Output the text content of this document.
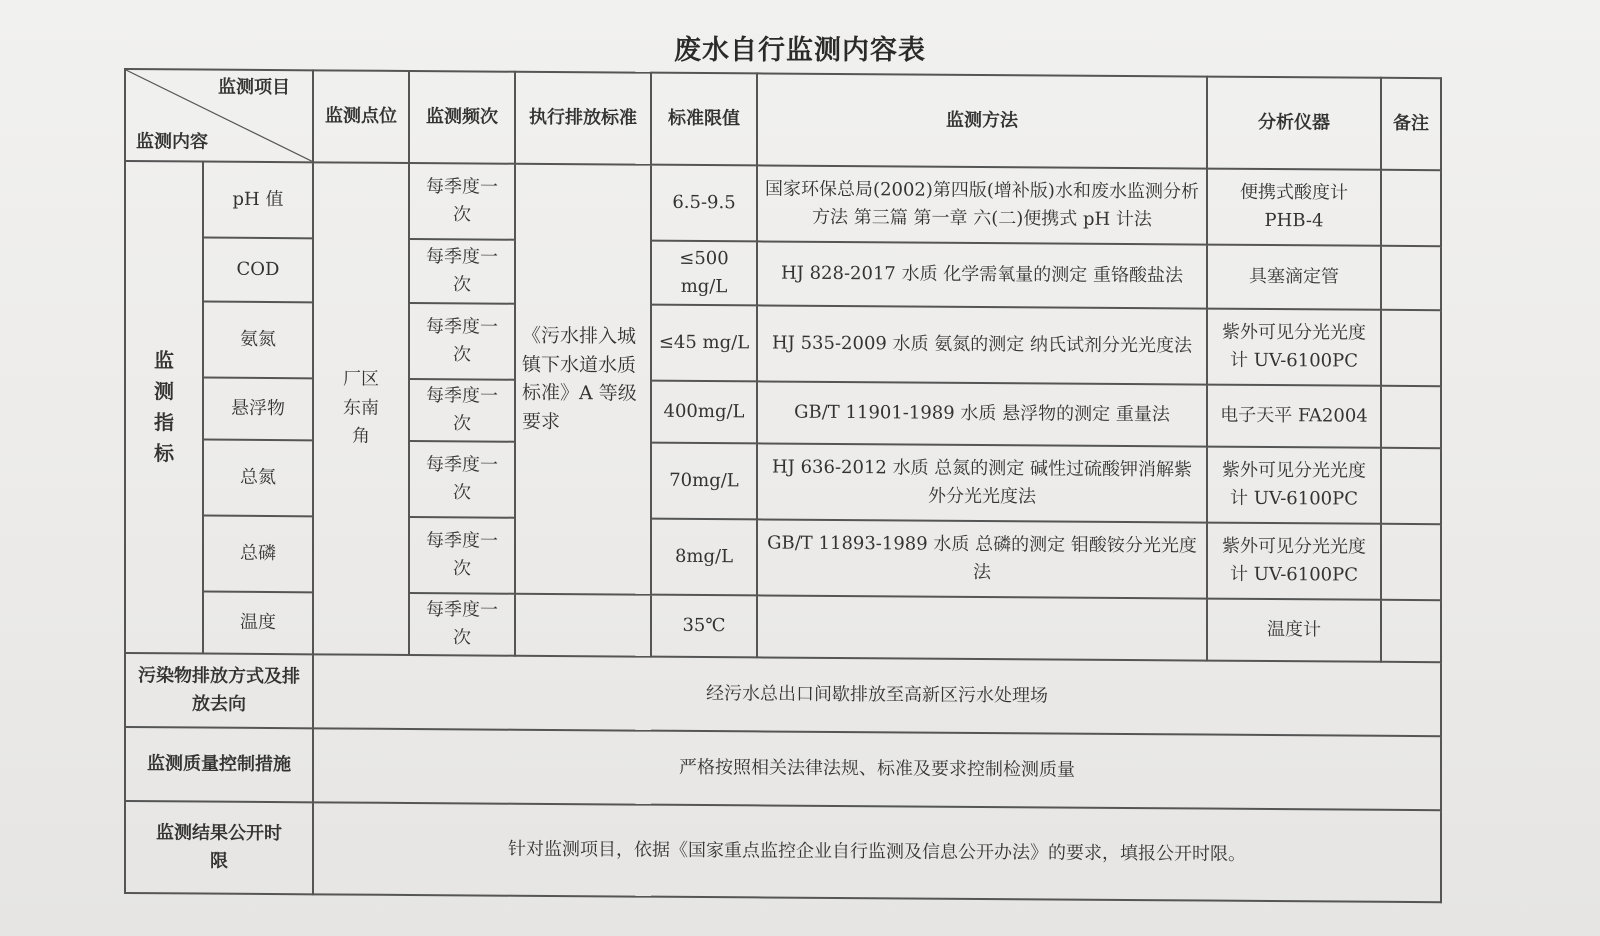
废水自行监测内容表
监测项目
监测内容		监测点位	监测频次	执行排放标准	标准限值	监测方法	分析仪器	备注

监测指标	pH 值	厂区东南角	每季度一次	《污水排入城镇下水道水质标准》A 等级要求	6.5-9.5	国家环保总局(2002)第四版(增补版)水和废水监测分析方法 第三篇 第一章 六(二)便携式 pH 计法	便携式酸度计 PHB-4	
	COD		每季度一次		≤500 mg/L	HJ 828-2017 水质 化学需氧量的测定 重铬酸盐法	具塞滴定管	
	氨氮		每季度一次		≤45 mg/L	HJ 535-2009 水质 氨氮的测定 纳氏试剂分光光度法	紫外可见分光光度计 UV-6100PC	
	悬浮物		每季度一次		400mg/L	GB/T 11901-1989 水质 悬浮物的测定 重量法	电子天平 FA2004	
	总氮		每季度一次		70mg/L	HJ 636-2012 水质 总氮的测定 碱性过硫酸钾消解紫外分光光度法	紫外可见分光光度计 UV-6100PC	
	总磷		每季度一次		8mg/L	GB/T 11893-1989 水质 总磷的测定 钼酸铵分光光度法	紫外可见分光光度计 UV-6100PC	
	温度		每季度一次		35℃		温度计	
污染物排放方式及排放去向		经污水总出口间歇排放至高新区污水处理场						
监测质量控制措施		严格按照相关法律法规、标准及要求控制检测质量						
监测结果公开时限		针对监测项目，依据《国家重点监控企业自行监测及信息公开办法》的要求，填报公开时限。						
